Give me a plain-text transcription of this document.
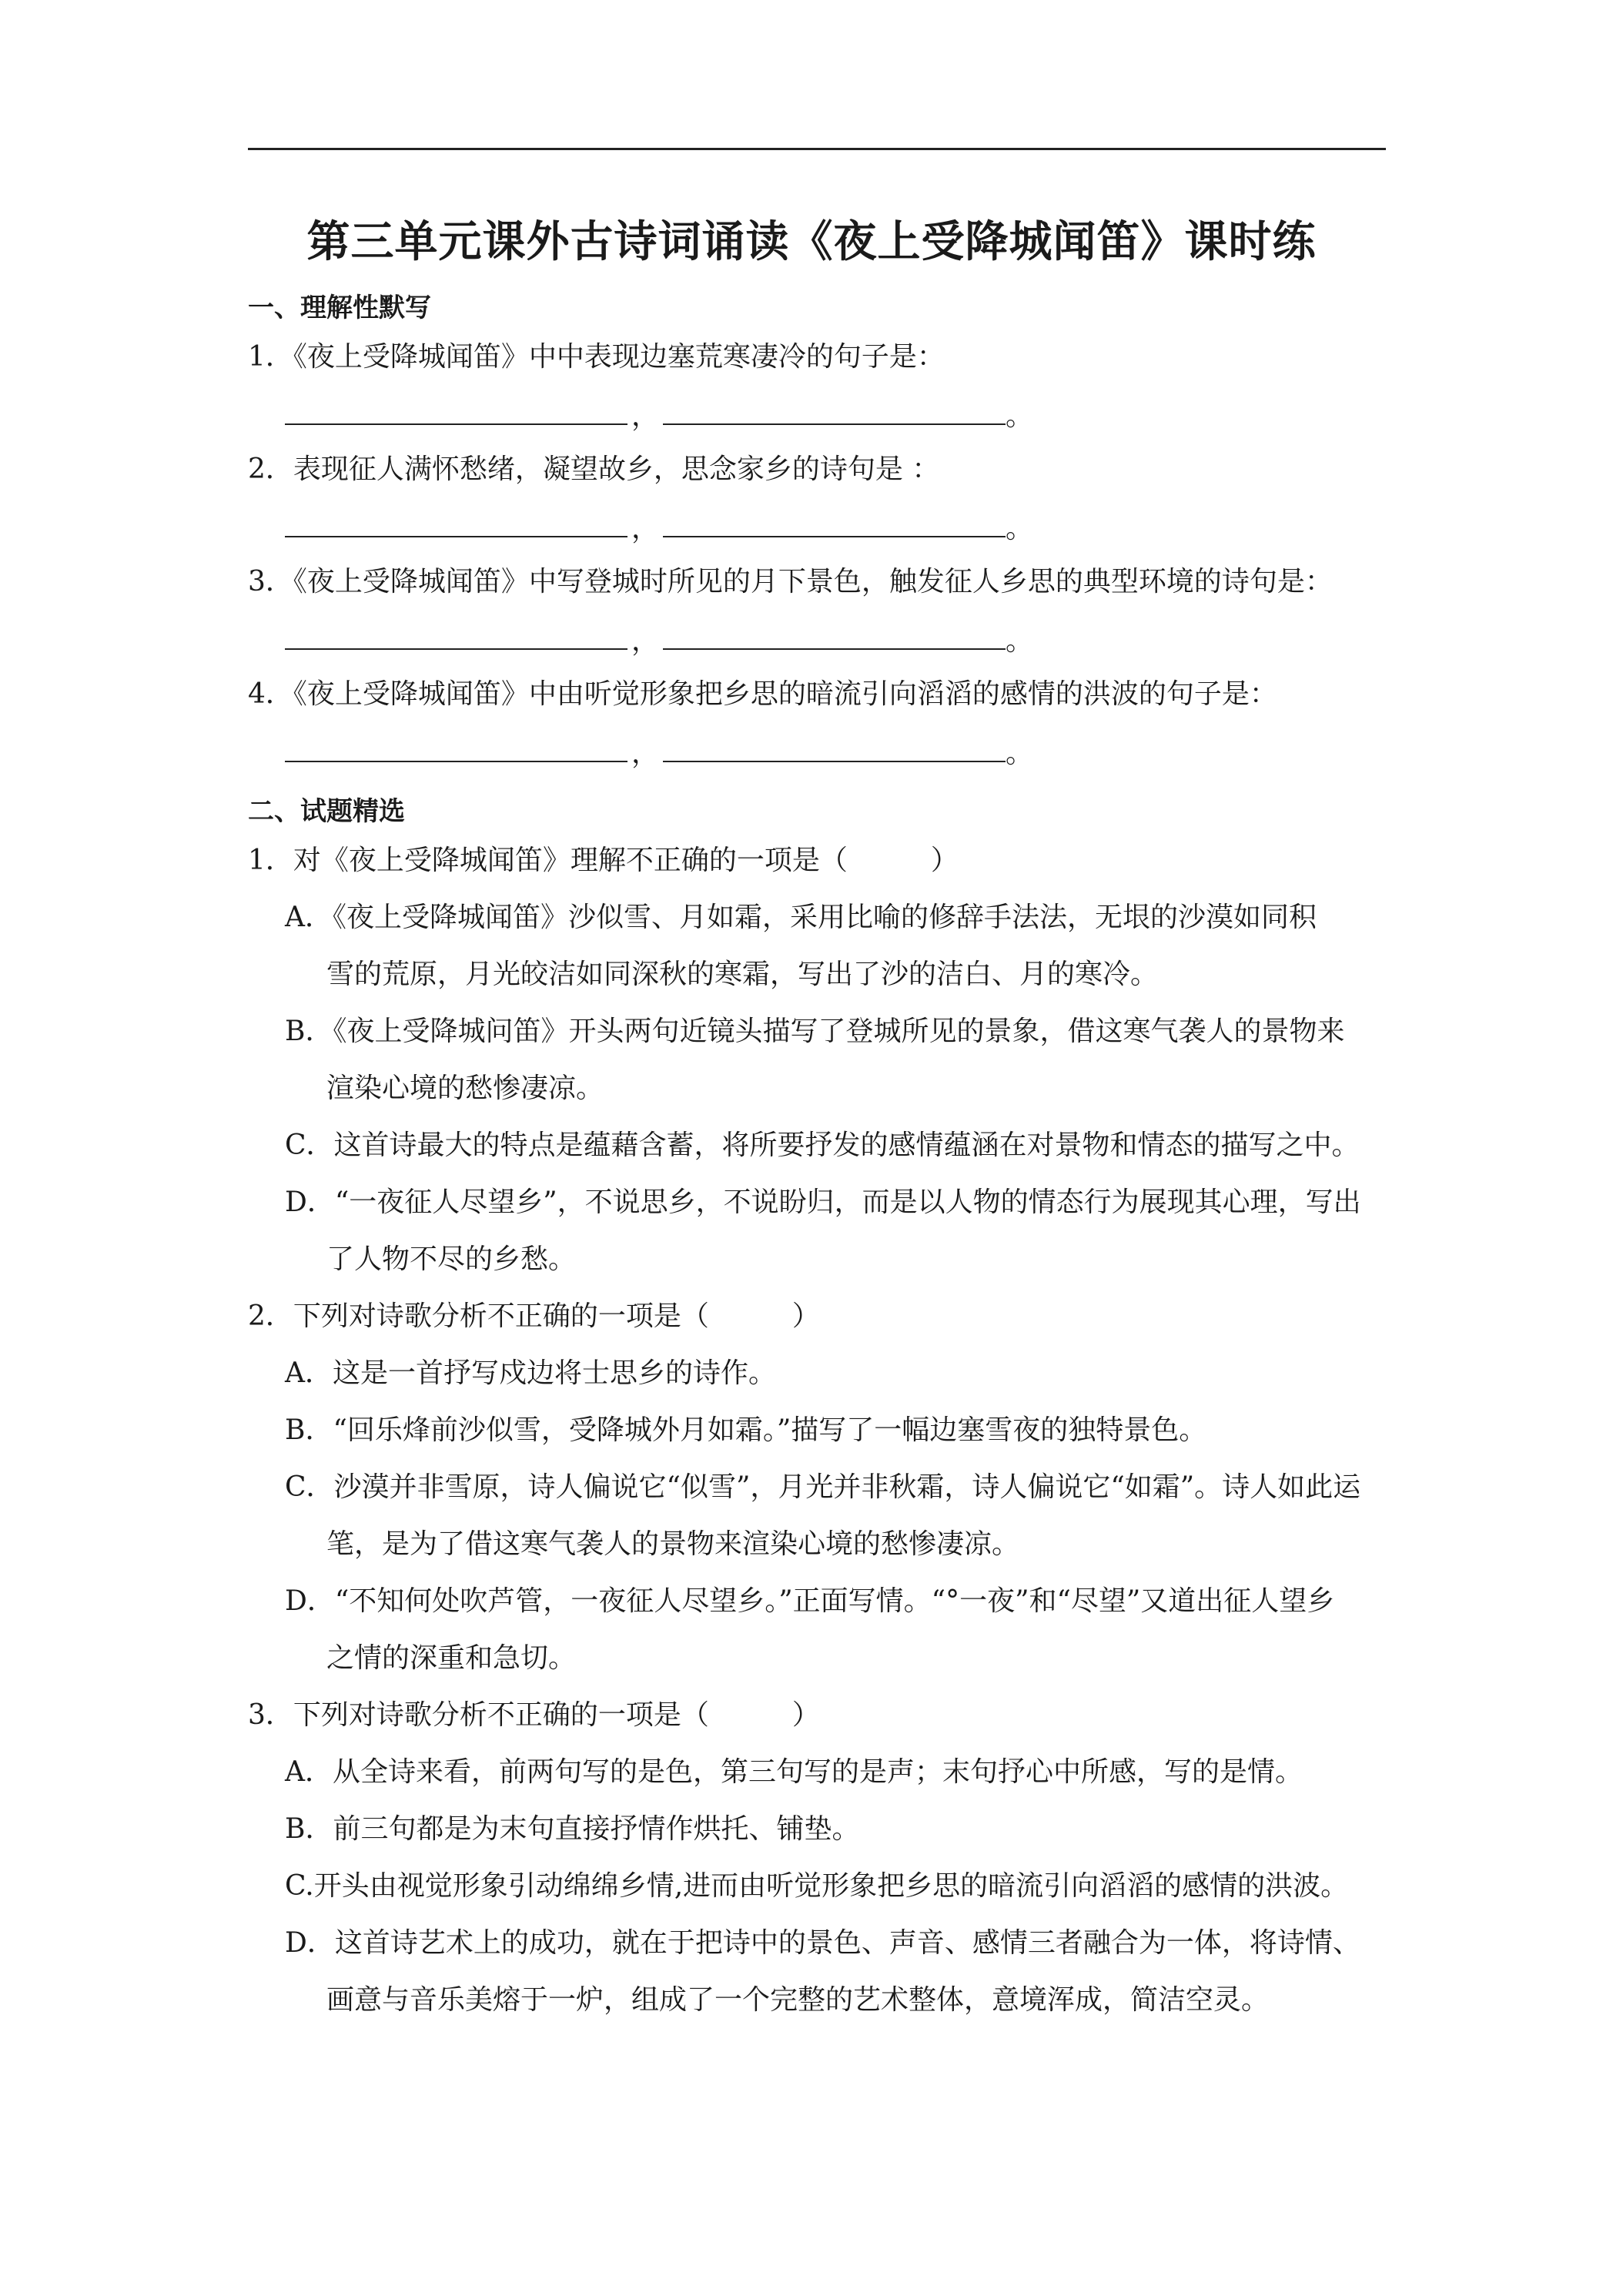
第三单元课外古诗词诵读《夜上受降城闻笛》课时练
一、理解性默写
1．《夜上受降城闻笛》中中表现边塞荒寒凄冷的句子是：
，	。
2．表现征人满怀愁绪，凝望故乡，思念家乡的诗句是 ：
，	。
3．《夜上受降城闻笛》中写登城时所见的月下景色，触发征人乡思的典型环境的诗句是：
，	。
4．《夜上受降城闻笛》中由听觉形象把乡思的暗流引向滔滔的感情的洪波的句子是：
，	。
二、试题精选
1．对《夜上受降城闻笛》理解不正确的一项是（　　　）
A．《夜上受降城闻笛》沙似雪、月如霜，采用比喻的修辞手法法，无垠的沙漠如同积
雪的荒原，月光皎洁如同深秋的寒霜，写出了沙的洁白、月的寒冷。
B．《夜上受降城问笛》开头两句近镜头描写了登城所见的景象，借这寒气袭人的景物来
渲染心境的愁惨凄凉。
C．这首诗最大的特点是蕴藉含蓄，将所要抒发的感情蕴涵在对景物和情态的描写之中。
D．“一夜征人尽望乡”，不说思乡，不说盼归，而是以人物的情态行为展现其心理，写出
了人物不尽的乡愁。
2．下列对诗歌分析不正确的一项是（　　　）
A．这是一首抒写戍边将士思乡的诗作。
B．“回乐烽前沙似雪，受降城外月如霜。”描写了一幅边塞雪夜的独特景色。
C．沙漠并非雪原，诗人偏说它“似雪”，月光并非秋霜，诗人偏说它“如霜”。诗人如此运
笔，是为了借这寒气袭人的景物来渲染心境的愁惨凄凉。
D．“不知何处吹芦管，一夜征人尽望乡。”正面写情。“°一夜”和“尽望”又道出征人望乡
之情的深重和急切。
3．下列对诗歌分析不正确的一项是（　　　）
A．从全诗来看，前两句写的是色，第三句写的是声；末句抒心中所感，写的是情。
B．前三句都是为末句直接抒情作烘托、铺垫。
C.开头由视觉形象引动绵绵乡情,进而由听觉形象把乡思的暗流引向滔滔的感情的洪波。
D．这首诗艺术上的成功，就在于把诗中的景色、声音、感情三者融合为一体，将诗情、
画意与音乐美熔于一炉，组成了一个完整的艺术整体，意境浑成，简洁空灵。
